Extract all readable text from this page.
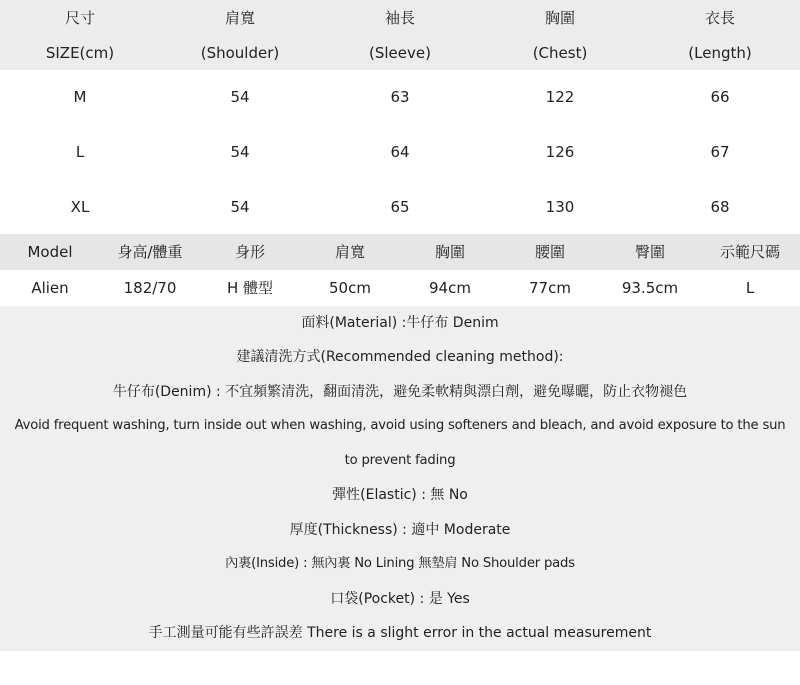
尺寸	肩寬	袖長	胸圍	衣長
SIZE(cm)	(Shoulder)	(Sleeve)	(Chest)	(Length)
M	54	63	122	66
L	54	64	126	67
XL	54	65	130	68
Model	身高/體重	身形	肩寬	胸圍	腰圍	臀圍	示範尺碼
Alien	182/70	H 體型	50cm	94cm	77cm	93.5cm	L
面料(Material) :牛仔布 Denim
建議清洗方式(Recommended cleaning method):
牛仔布(Denim) : 不宜頻繁清洗，翻面清洗，避免柔軟精與漂白劑，避免曝曬，防止衣物褪色
Avoid frequent washing, turn inside out when washing, avoid using softeners and bleach, and avoid exposure to the sun
to prevent fading
彈性(Elastic) : 無 No
厚度(Thickness) : 適中 Moderate
內裏(Inside) : 無內裏 No Lining 無墊肩 No Shoulder pads
口袋(Pocket) : 是 Yes
手工測量可能有些許誤差 There is a slight error in the actual measurement
